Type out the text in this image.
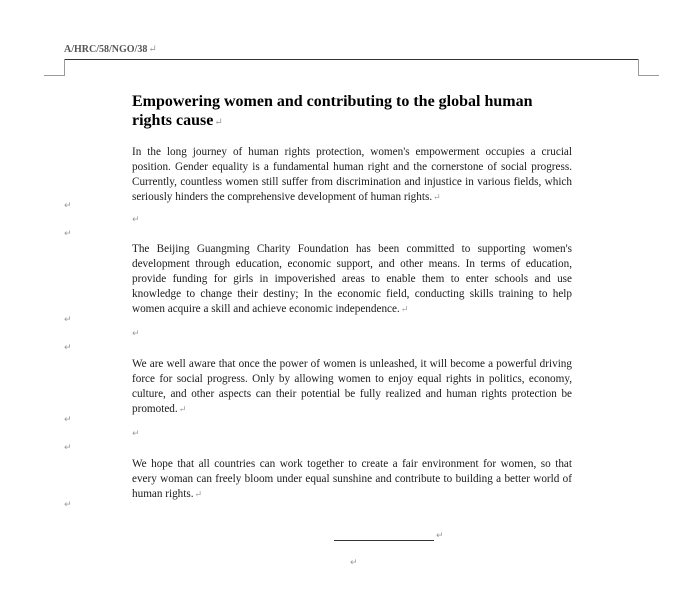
A/HRC/58/NGO/38↵
Empowering women and contributing to the global human rights cause↵
In the long journey of human rights protection, women's empowerment occupies a crucial position. Gender equality is a fundamental human right and the cornerstone of social progress. Currently, countless women still suffer from discrimination and injustice in various fields, which seriously hinders the comprehensive development of human rights.↵
↵
↵
↵
The Beijing Guangming Charity Foundation has been committed to supporting women's development through education, economic support, and other means. In terms of education, provide funding for girls in impoverished areas to enable them to enter schools and use knowledge to change their destiny; In the economic field, conducting skills training to help women acquire a skill and achieve economic independence.↵
↵
↵
↵
We are well aware that once the power of women is unleashed, it will become a powerful driving force for social progress. Only by allowing women to enjoy equal rights in politics, economy, culture, and other aspects can their potential be fully realized and human rights protection be promoted.↵
↵
↵
↵
We hope that all countries can work together to create a fair environment for women, so that every woman can freely bloom under equal sunshine and contribute to building a better world of human rights.↵
↵
↵
↵
